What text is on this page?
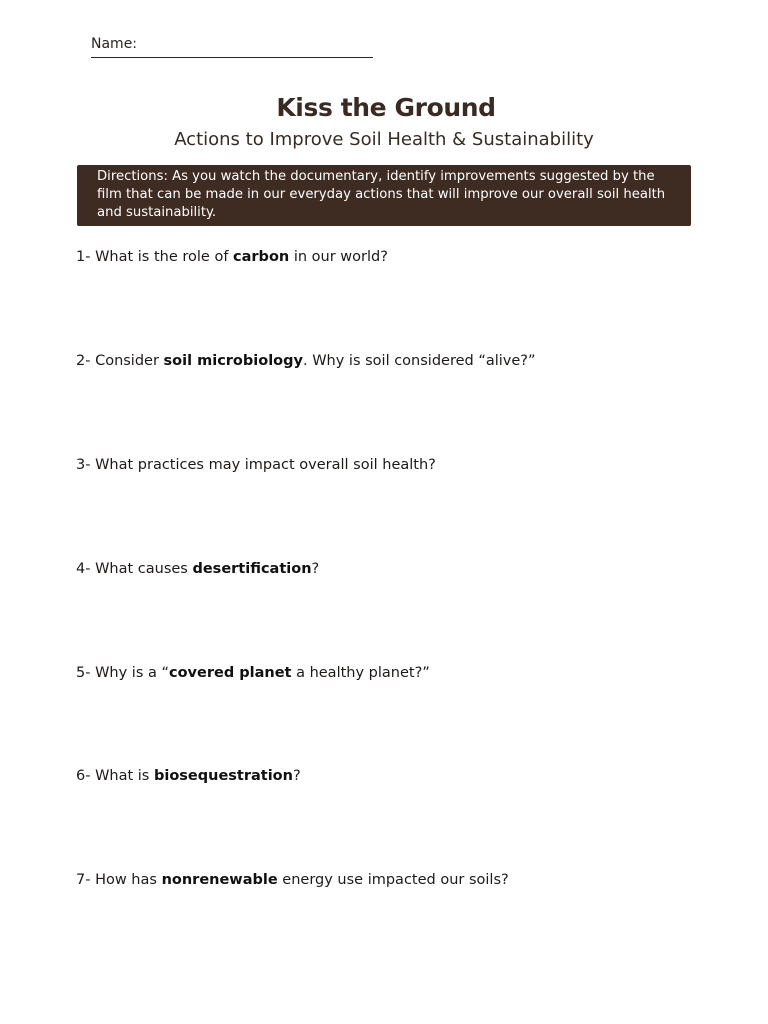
Name:
Kiss the Ground
Actions to Improve Soil Health & Sustainability
Directions: As you watch the documentary, identify improvements suggested by the film that can be made in our everyday actions that will improve our overall soil health and sustainability.
1- What is the role of carbon in our world?
2- Consider soil microbiology. Why is soil considered “alive?”
3- What practices may impact overall soil health?
4- What causes desertification?
5- Why is a “covered planet a healthy planet?”
6- What is biosequestration?
7- How has nonrenewable energy use impacted our soils?
